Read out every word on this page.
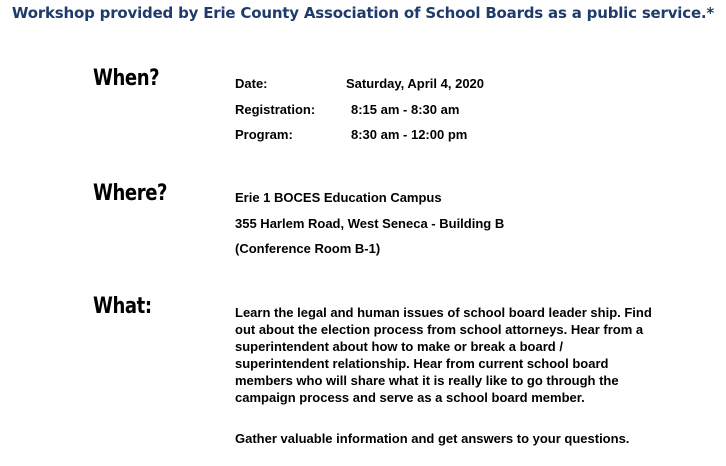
Workshop provided by Erie County Association of School Boards as a public service.*
When?	Date:	Saturday, April 4, 2020
Registration:	8:15 am - 8:30 am
Program:	8:30 am - 12:00 pm
Where?	Erie 1 BOCES Education Campus
355 Harlem Road, West Seneca - Building B
(Conference Room B-1)
What:	Learn the legal and human issues of school board leader ship. Find out about the election process from school attorneys. Hear from a superintendent about how to make or break a board / superintendent relationship. Hear from current school board members who will share what it is really like to go through the campaign process and serve as a school board member.

Gather valuable information and get answers to your questions.
